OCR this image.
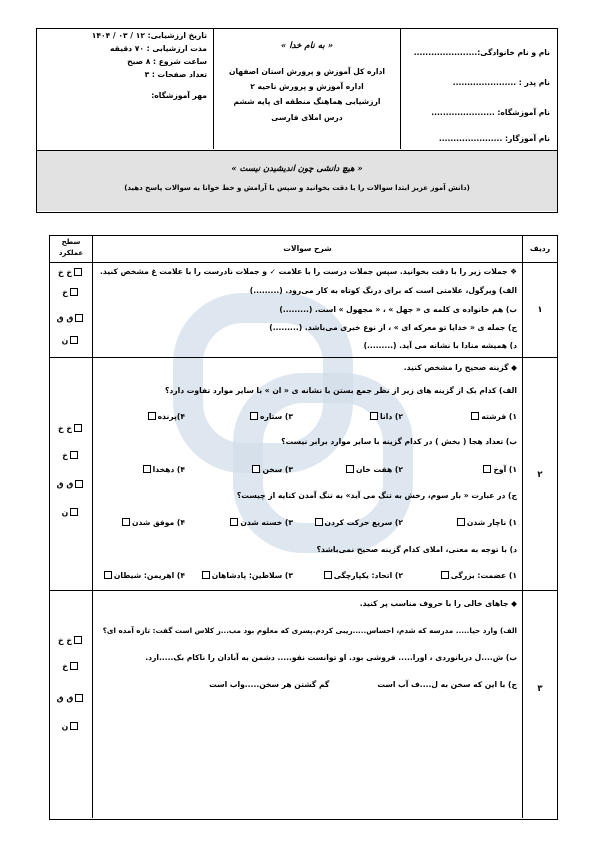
تاریخ ارزشیابی: ۱۲ / ۰۳ / ۱۴۰۴
مدت ارزشیابی : ۷۰ دقیقه
ساعت شروع : ۸ صبح
تعداد صفحات : ۳
مهر آموزشگاه:
« به نام خدا »
اداره کل آموزش و پرورش استان اصفهان
اداره آموزش و پرورش ناحیه ۲
ارزشیابی هماهنگ منطقه ای پایه ششم
درس املای فارسی
نام و نام خانوادگی:......................
نام پدر : ......................
نام آموزشگاه: ......................
نام آموزگار: ......................
« هیچ دانشی چون اندیشیدن نیست »
(دانش آموز عزیز ابتدا سوالات را با دقت بخوانید و سپس با آرامش و خط خوانا به سوالات پاسخ دهید)
ردیف
شرح سوالات
سطح
عملکرد
۱
❖ جملات زیر را با دقت بخوانید. سپس جملات درست را با علامت ✓ و جملات نادرست را با علامت غ مشخص کنید.
الف) ویرگول، علامتی است که برای درنگ کوتاه به کار می‌رود. (.........)
ب) هم خانواده ی کلمه ی « جهل » ، « مجهول » است. (.........)
ج) جمله ی « خدایا تو معرکه ای » ، از نوع خبری می‌باشد. (.........)
د) همیشه منادا با نشانه می آید. (.........)
خ خ
خ
ق ق
ن
۲
◆ گزینه صحیح را مشخص کنید.
الف) کدام یک از گزینه های زیر از نظر جمع بستن با نشانه ی « ان » با سایر موارد تفاوت دارد؟
۱) فرشته
۲) دانا
۳) ستاره
۴)پرنده
ب) تعداد هجا ( بخش ) در کدام گزینه با سایر موارد برابر نیست؟
۱) آوخ
۲) هفت خان
۳) سخن
۴) دهخدا
ج) در عبارت « بار سوم، رخش به تنگ می آید» به تنگ آمدن کنایه از چیست؟
۱) ناچار شدن
۲) سریع حرکت کردن
۳) خسته شدن
۴) موفق شدن
د) با توجه به معنی، املای کدام گزینه صحیح نمی‌باشد؟
۱) عضمت: بزرگی
۲) اتحاد: یکپارچگی
۳) سلاطین: پادشاهان
۴) اهریمن: شیطان
خ خ
خ
ق ق
ن
۳
◆ جاهای خالی را با حروف مناسب پر کنید.
الف) وارد حیا..... مدرسه که شدم، احساس.....ریبی کردم.پسری که معلوم بود مب...ر کلاس است گفت: تازه آمده ای؟
ب) ش....ل دریانوردی ، اورا..... فروشی بود. او توانست نفو..... دشمن به آبادان را ناکام بک.....ارد.
ج) با این که سخن به ل....ف آب است
گم گشتن هر سخن.....واب است
خ خ
خ
ق ق
ن
